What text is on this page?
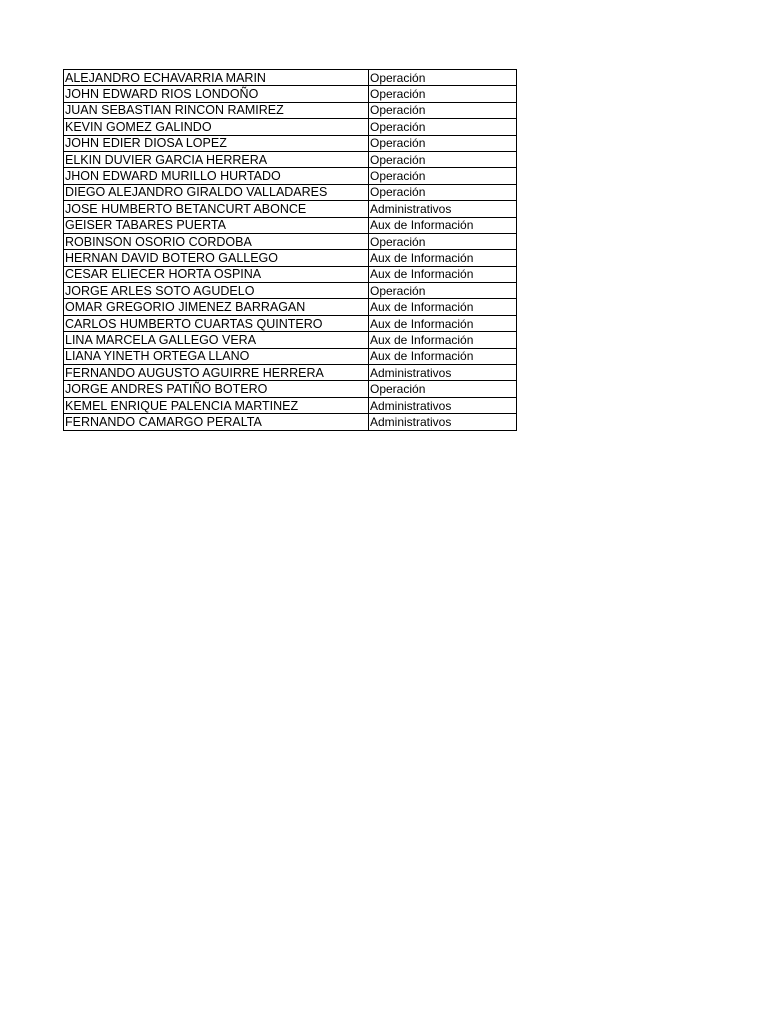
ALEJANDRO ECHAVARRIA MARIN	Operación
JOHN EDWARD RIOS LONDOÑO	Operación
JUAN SEBASTIAN RINCON RAMIREZ	Operación
KEVIN GOMEZ GALINDO	Operación
JOHN EDIER DIOSA LOPEZ	Operación
ELKIN DUVIER GARCIA HERRERA	Operación
JHON EDWARD MURILLO HURTADO	Operación
DIEGO ALEJANDRO GIRALDO VALLADARES	Operación
JOSE HUMBERTO BETANCURT ABONCE	Administrativos
GEISER TABARES PUERTA	Aux de Información
ROBINSON OSORIO CORDOBA	Operación
HERNAN DAVID BOTERO GALLEGO	Aux de Información
CESAR ELIECER HORTA OSPINA	Aux de Información
JORGE ARLES SOTO AGUDELO	Operación
OMAR GREGORIO JIMENEZ BARRAGAN	Aux de Información
CARLOS HUMBERTO CUARTAS QUINTERO	Aux de Información
LINA MARCELA GALLEGO VERA	Aux de Información
LIANA YINETH ORTEGA LLANO	Aux de Información
FERNANDO AUGUSTO AGUIRRE HERRERA	Administrativos
JORGE ANDRES PATIÑO BOTERO	Operación
KEMEL ENRIQUE PALENCIA MARTINEZ	Administrativos
FERNANDO CAMARGO PERALTA	Administrativos
